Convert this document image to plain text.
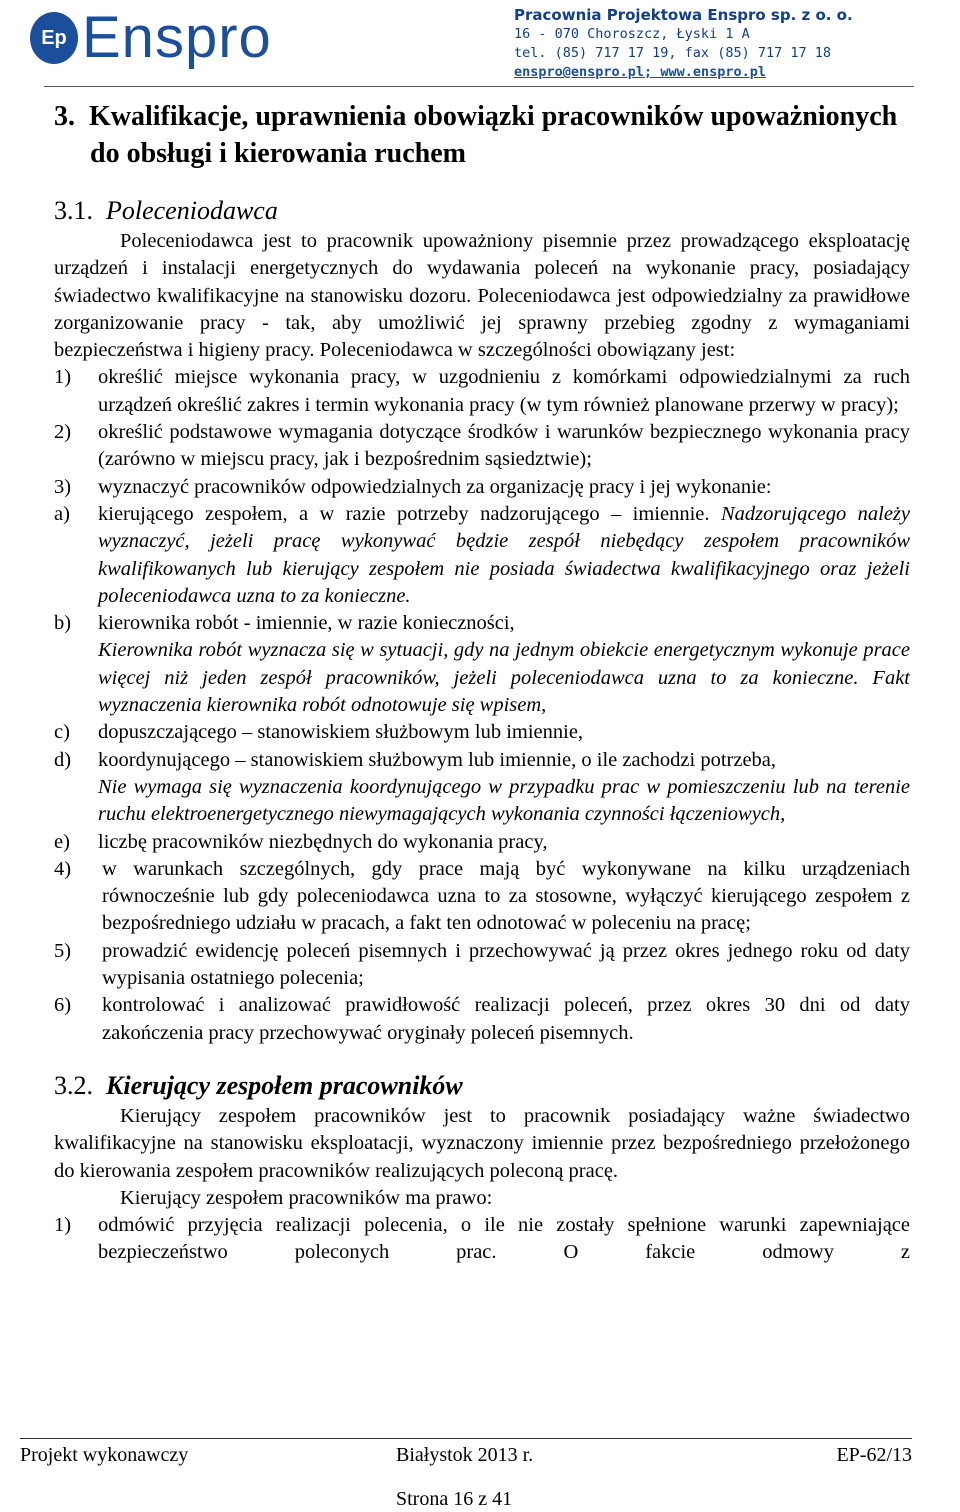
Ep Enspro	Pracownia Projektowa Enspro sp. z o. o.
16 - 070 Choroszcz, Łyski 1 A
tel. (85) 717 17 19, fax (85) 717 17 18
enspro@enspro.pl; www.enspro.pl
3. Kwalifikacje, uprawnienia obowiązki pracowników upoważnionych do obsługi i kierowania ruchem
3.1. Poleceniodawca

Poleceniodawca jest to pracownik upoważniony pisemnie przez prowadzącego eksploatację urządzeń i instalacji energetycznych do wydawania poleceń na wykonanie pracy, posiadający świadectwo kwalifikacyjne na stanowisku dozoru. Poleceniodawca jest odpowiedzialny za prawidłowe zorganizowanie pracy - tak, aby umożliwić jej sprawny przebieg zgodny z wymaganiami bezpieczeństwa i higieny pracy. Poleceniodawca w szczególności obowiązany jest:

1)	określić miejsce wykonania pracy, w uzgodnieniu z komórkami odpowiedzialnymi za ruch urządzeń określić zakres i termin wykonania pracy (w tym również planowane przerwy w pracy);
2)	określić podstawowe wymagania dotyczące środków i warunków bezpiecznego wykonania pracy (zarówno w miejscu pracy, jak i bezpośrednim sąsiedztwie);
3)	wyznaczyć pracowników odpowiedzialnych za organizację pracy i jej wykonanie:
a)	kierującego zespołem, a w razie potrzeby nadzorującego – imiennie. Nadzorującego należy wyznaczyć, jeżeli pracę wykonywać będzie zespół niebędący zespołem pracowników kwalifikowanych lub kierujący zespołem nie posiada świadectwa kwalifikacyjnego oraz jeżeli poleceniodawca uzna to za konieczne.
b)	kierownika robót - imiennie, w razie konieczności,
Kierownika robót wyznacza się w sytuacji, gdy na jednym obiekcie energetycznym wykonuje prace więcej niż jeden zespół pracowników, jeżeli poleceniodawca uzna to za konieczne. Fakt wyznaczenia kierownika robót odnotowuje się wpisem,
c)	dopuszczającego – stanowiskiem służbowym lub imiennie,
d)	koordynującego – stanowiskiem służbowym lub imiennie, o ile zachodzi potrzeba,
Nie wymaga się wyznaczenia koordynującego w przypadku prac w pomieszczeniu lub na terenie ruchu elektroenergetycznego niewymagających wykonania czynności łączeniowych,
e)	liczbę pracowników niezbędnych do wykonania pracy,
4)	w warunkach szczególnych, gdy prace mają być wykonywane na kilku urządzeniach równocześnie lub gdy poleceniodawca uzna to za stosowne, wyłączyć kierującego zespołem z bezpośredniego udziału w pracach, a fakt ten odnotować w poleceniu na pracę;
5)	prowadzić ewidencję poleceń pisemnych i przechowywać ją przez okres jednego roku od daty wypisania ostatniego polecenia;
6)	kontrolować i analizować prawidłowość realizacji poleceń, przez okres 30 dni od daty zakończenia pracy przechowywać oryginały poleceń pisemnych.
3.2. Kierujący zespołem pracowników

Kierujący zespołem pracowników jest to pracownik posiadający ważne świadectwo kwalifikacyjne na stanowisku eksploatacji, wyznaczony imiennie przez bezpośredniego przełożonego do kierowania zespołem pracowników realizujących poleconą pracę.

Kierujący zespołem pracowników ma prawo:

1)	odmówić przyjęcia realizacji polecenia, o ile nie zostały spełnione warunki zapewniające bezpieczeństwo poleconych prac. O fakcie odmowy z
Projekt wykonawczy	Białystok 2013 r.	EP-62/13
Strona 16 z 41
